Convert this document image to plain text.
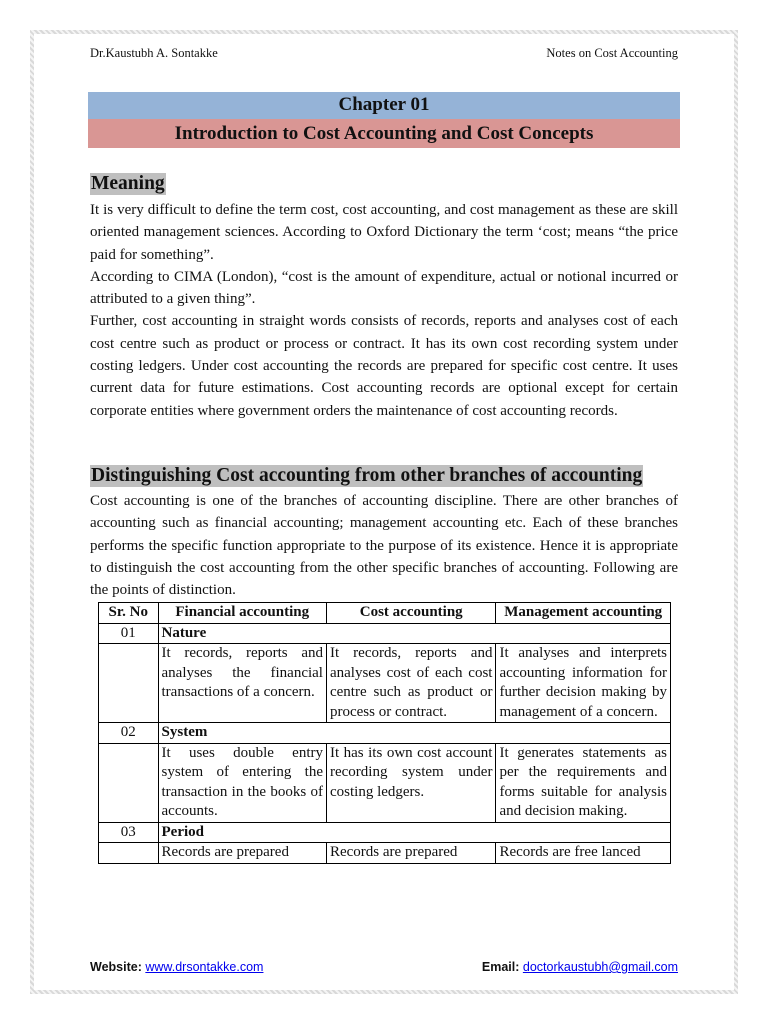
Dr.Kaustubh A. Sontakke	Notes on Cost Accounting
Chapter 01
Introduction to Cost Accounting and Cost Concepts
Meaning

It is very difficult to define the term cost, cost accounting, and cost management as these are skill oriented management sciences. According to Oxford Dictionary the term ‘cost; means “the price paid for something”.

According to CIMA (London), “cost is the amount of expenditure, actual or notional incurred or attributed to a given thing”.

Further, cost accounting in straight words consists of records, reports and analyses cost of each cost centre such as product or process or contract. It has its own cost recording system under costing ledgers. Under cost accounting the records are prepared for specific cost centre. It uses current data for future estimations. Cost accounting records are optional except for certain corporate entities where government orders the maintenance of cost accounting records.

Distinguishing Cost accounting from other branches of accounting

Cost accounting is one of the branches of accounting discipline. There are other branches of accounting such as financial accounting; management accounting etc. Each of these branches performs the specific function appropriate to the purpose of its existence. Hence it is appropriate to distinguish the cost accounting from the other specific branches of accounting. Following are the points of distinction.

Sr. No	Financial accounting	Cost accounting	Management accounting
01	Nature		
	It records, reports and analyses the financial transactions of a concern.	It records, reports and analyses cost of each cost centre such as product or process or contract.	It analyses and interprets accounting information for further decision making by management of a concern.
02	System		
	It uses double entry system of entering the transaction in the books of accounts.	It has its own cost account recording system under costing ledgers.	It generates statements as per the requirements and forms suitable for analysis and decision making.
03	Period		
	Records are prepared	Records are prepared	Records are free lanced
Website: www.drsontakke.com	Email: doctorkaustubh@gmail.com
